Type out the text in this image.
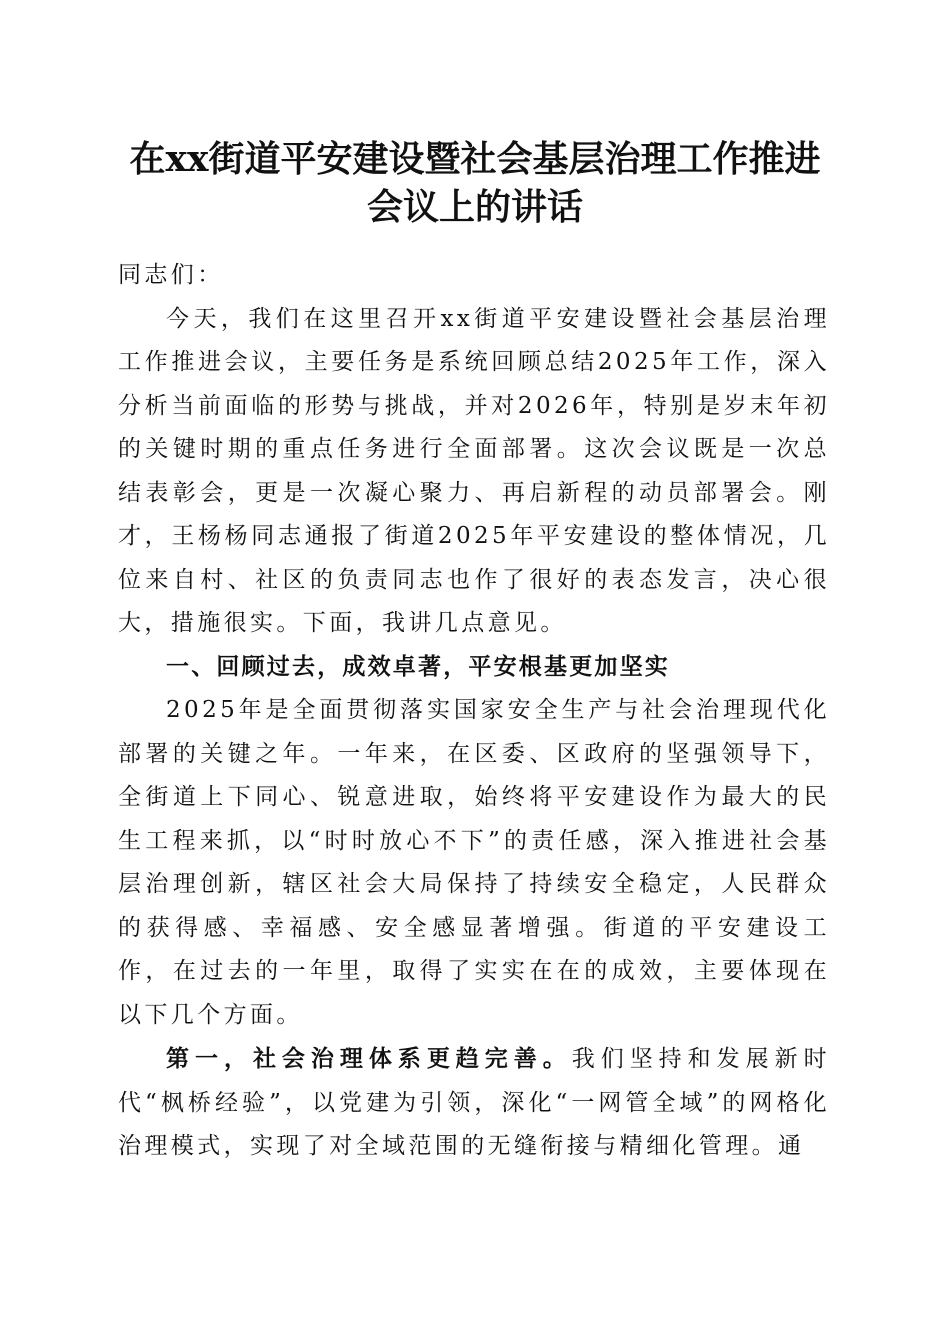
在xx街道平安建设暨社会基层治理工作推进
会议上的讲话

同志们：

今天，我们在这里召开xx街道平安建设暨社会基层治理工作推进会议，主要任务是系统回顾总结2025年工作，深入分析当前面临的形势与挑战，并对2026年，特别是岁末年初的关键时期的重点任务进行全面部署。这次会议既是一次总结表彰会，更是一次凝心聚力、再启新程的动员部署会。刚才，王杨杨同志通报了街道2025年平安建设的整体情况，几位来自村、社区的负责同志也作了很好的表态发言，决心很大，措施很实。下面，我讲几点意见。

一、回顾过去，成效卓著，平安根基更加坚实

2025年是全面贯彻落实国家安全生产与社会治理现代化部署的关键之年。一年来，在区委、区政府的坚强领导下，全街道上下同心、锐意进取，始终将平安建设作为最大的民生工程来抓，以“时时放心不下”的责任感，深入推进社会基层治理创新，辖区社会大局保持了持续安全稳定，人民群众的获得感、幸福感、安全感显著增强。街道的平安建设工作，在过去的一年里，取得了实实在在的成效，主要体现在以下几个方面。

第一，社会治理体系更趋完善。我们坚持和发展新时代“枫桥经验”，以党建为引领，深化“一网管全域”的网格化治理模式，实现了对全域范围的无缝衔接与精细化管理。通
